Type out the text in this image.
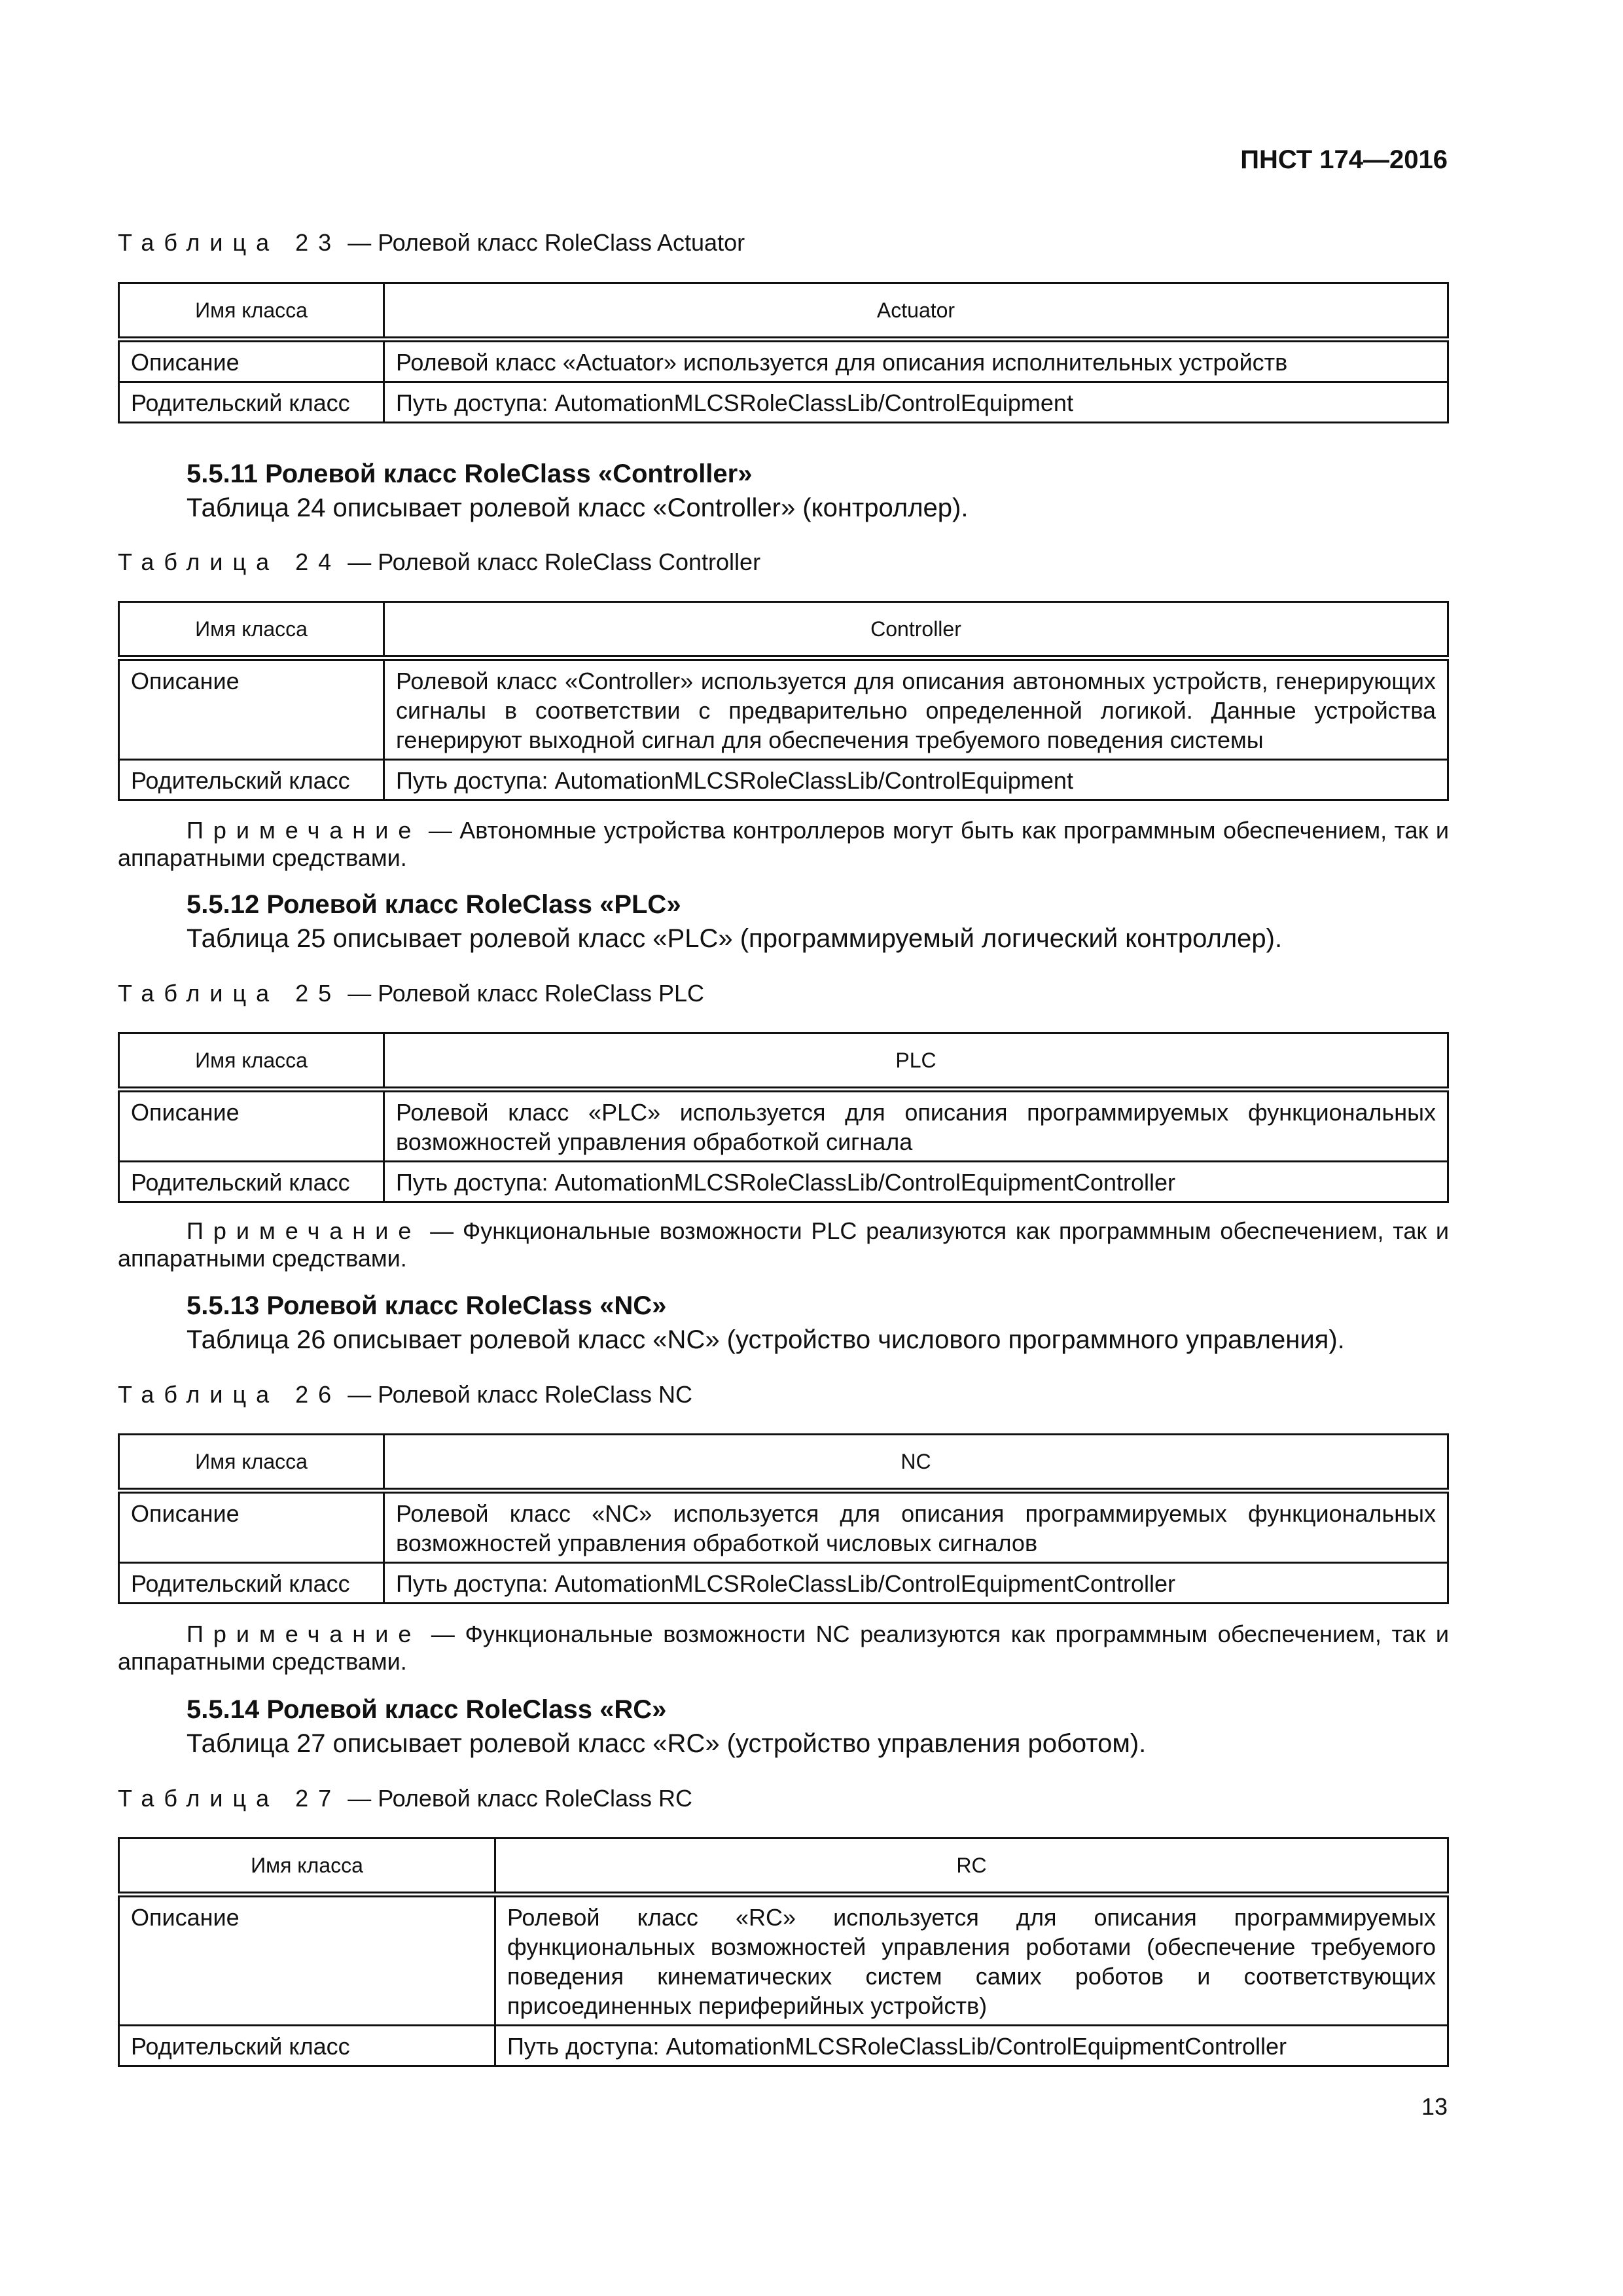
ПНСТ 174—2016
Таблица 23 — Ролевой класс RoleClass Actuator
Имя класса	Actuator
Описание	Ролевой класс «Actuator» используется для описания исполнительных устройств
Родительский класс	Путь доступа: AutomationMLCSRoleClassLib/ControlEquipment
5.5.11 Ролевой класс RoleClass «Controller»
Таблица 24 описывает ролевой класс «Controller» (контроллер).
Таблица 24 — Ролевой класс RoleClass Controller
Имя класса	Controller
Описание	Ролевой класс «Controller» используется для описания автономных устройств, генерирующих сигналы в соответствии с предварительно определенной логикой. Данные устройства генерируют выходной сигнал для обеспечения требуемого поведения системы
Родительский класс	Путь доступа: AutomationMLCSRoleClassLib/ControlEquipment
Примечание — Автономные устройства контроллеров могут быть как программным обеспечением, так и аппаратными средствами.
5.5.12 Ролевой класс RoleClass «PLC»
Таблица 25 описывает ролевой класс «PLC» (программируемый логический контроллер).
Таблица 25 — Ролевой класс RoleClass PLC
Имя класса	PLC
Описание	Ролевой класс «PLC» используется для описания программируемых функциональных возможностей управления обработкой сигнала
Родительский класс	Путь доступа: AutomationMLCSRoleClassLib/ControlEquipmentController
Примечание — Функциональные возможности PLC реализуются как программным обеспечением, так и аппаратными средствами.
5.5.13 Ролевой класс RoleClass «NC»
Таблица 26 описывает ролевой класс «NC» (устройство числового программного управления).
Таблица 26 — Ролевой класс RoleClass NC
Имя класса	NC
Описание	Ролевой класс «NC» используется для описания программируемых функциональных возможностей управления обработкой числовых сигналов
Родительский класс	Путь доступа: AutomationMLCSRoleClassLib/ControlEquipmentController
Примечание — Функциональные возможности NC реализуются как программным обеспечением, так и аппаратными средствами.
5.5.14 Ролевой класс RoleClass «RC»
Таблица 27 описывает ролевой класс «RC» (устройство управления роботом).
Таблица 27 — Ролевой класс RoleClass RC
Имя класса	RC
Описание	Ролевой класс «RC» используется для описания программируемых функциональных возможностей управления роботами (обеспечение требуемого поведения кинематических систем самих роботов и соответствующих присоединенных периферийных устройств)
Родительский класс	Путь доступа: AutomationMLCSRoleClassLib/ControlEquipmentController
13
